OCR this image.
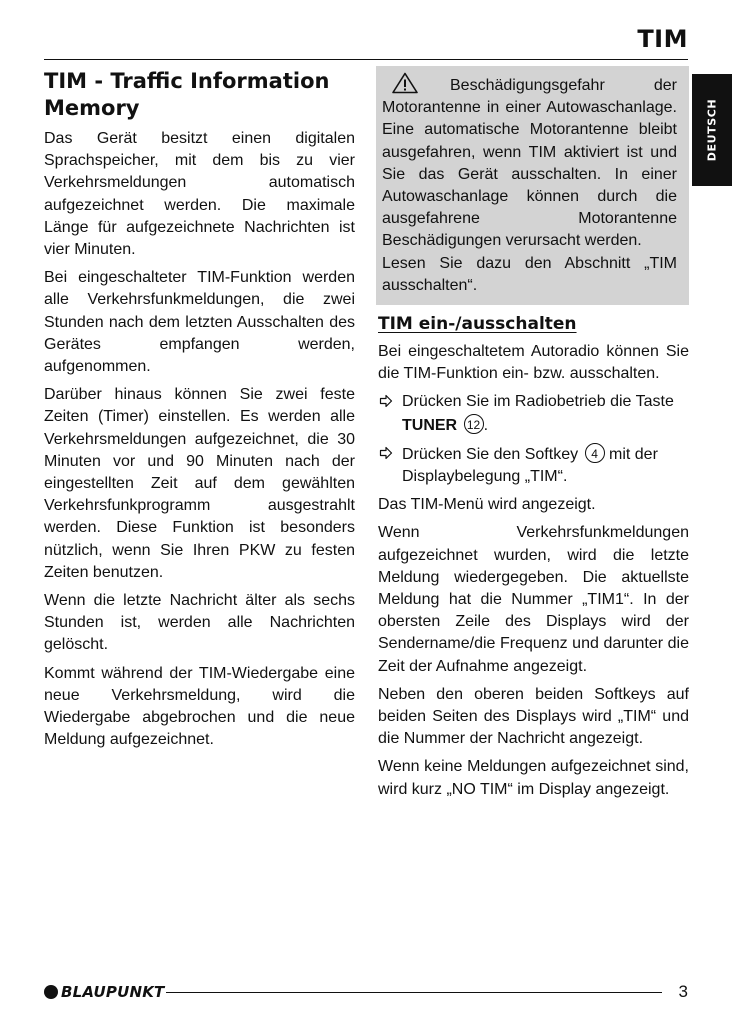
TIM
DEUTSCH
TIM - Traffic Information Memory

Das Gerät besitzt einen digitalen Sprachspeicher, mit dem bis zu vier Verkehrsmeldungen automatisch aufgezeichnet werden. Die maximale Länge für aufgezeichnete Nachrichten ist vier Minuten.

Bei eingeschalteter TIM-Funktion werden alle Verkehrsfunkmeldungen, die zwei Stunden nach dem letzten Ausschalten des Gerätes empfangen werden, aufgenommen.

Darüber hinaus können Sie zwei feste Zeiten (Timer) einstellen. Es werden alle Verkehrsmeldungen aufgezeichnet, die 30 Minuten vor und 90 Minuten nach der eingestellten Zeit auf dem gewählten Verkehrsfunkprogramm ausgestrahlt werden. Diese Funktion ist besonders nützlich, wenn Sie Ihren PKW zu festen Zeiten benutzen.

Wenn die letzte Nachricht älter als sechs Stunden ist, werden alle Nachrichten gelöscht.

Kommt während der TIM-Wiedergabe eine neue Verkehrsmeldung, wird die Wiedergabe abgebrochen und die neue Meldung aufgezeichnet.

Beschädigungsgefahr der Motorantenne in einer Autowaschanlage. Eine automatische Motorantenne bleibt ausgefahren, wenn TIM aktiviert ist und Sie das Gerät ausschalten. In einer Autowaschanlage können durch die ausgefahrene Motorantenne Beschädigungen verursacht werden.

Lesen Sie dazu den Abschnitt „TIM ausschalten“.

TIM ein-/ausschalten

Bei eingeschaltetem Autoradio können Sie die TIM-Funktion ein- bzw. ausschalten.

Drücken Sie im Radiobetrieb die Taste TUNER 12 .
Drücken Sie den Softkey 4 mit der Displaybelegung „TIM“.

Das TIM-Menü wird angezeigt.

Wenn Verkehrsfunkmeldungen aufgezeichnet wurden, wird die letzte Meldung wiedergegeben. Die aktuellste Meldung hat die Nummer „TIM1“. In der obersten Zeile des Displays wird der Sendername/die Frequenz und darunter die Zeit der Aufnahme angezeigt.

Neben den oberen beiden Softkeys auf beiden Seiten des Displays wird „TIM“ und die Nummer der Nachricht angezeigt.

Wenn keine Meldungen aufgezeichnet sind, wird kurz „NO TIM“ im Display angezeigt.

BLAUPUNKT	3
